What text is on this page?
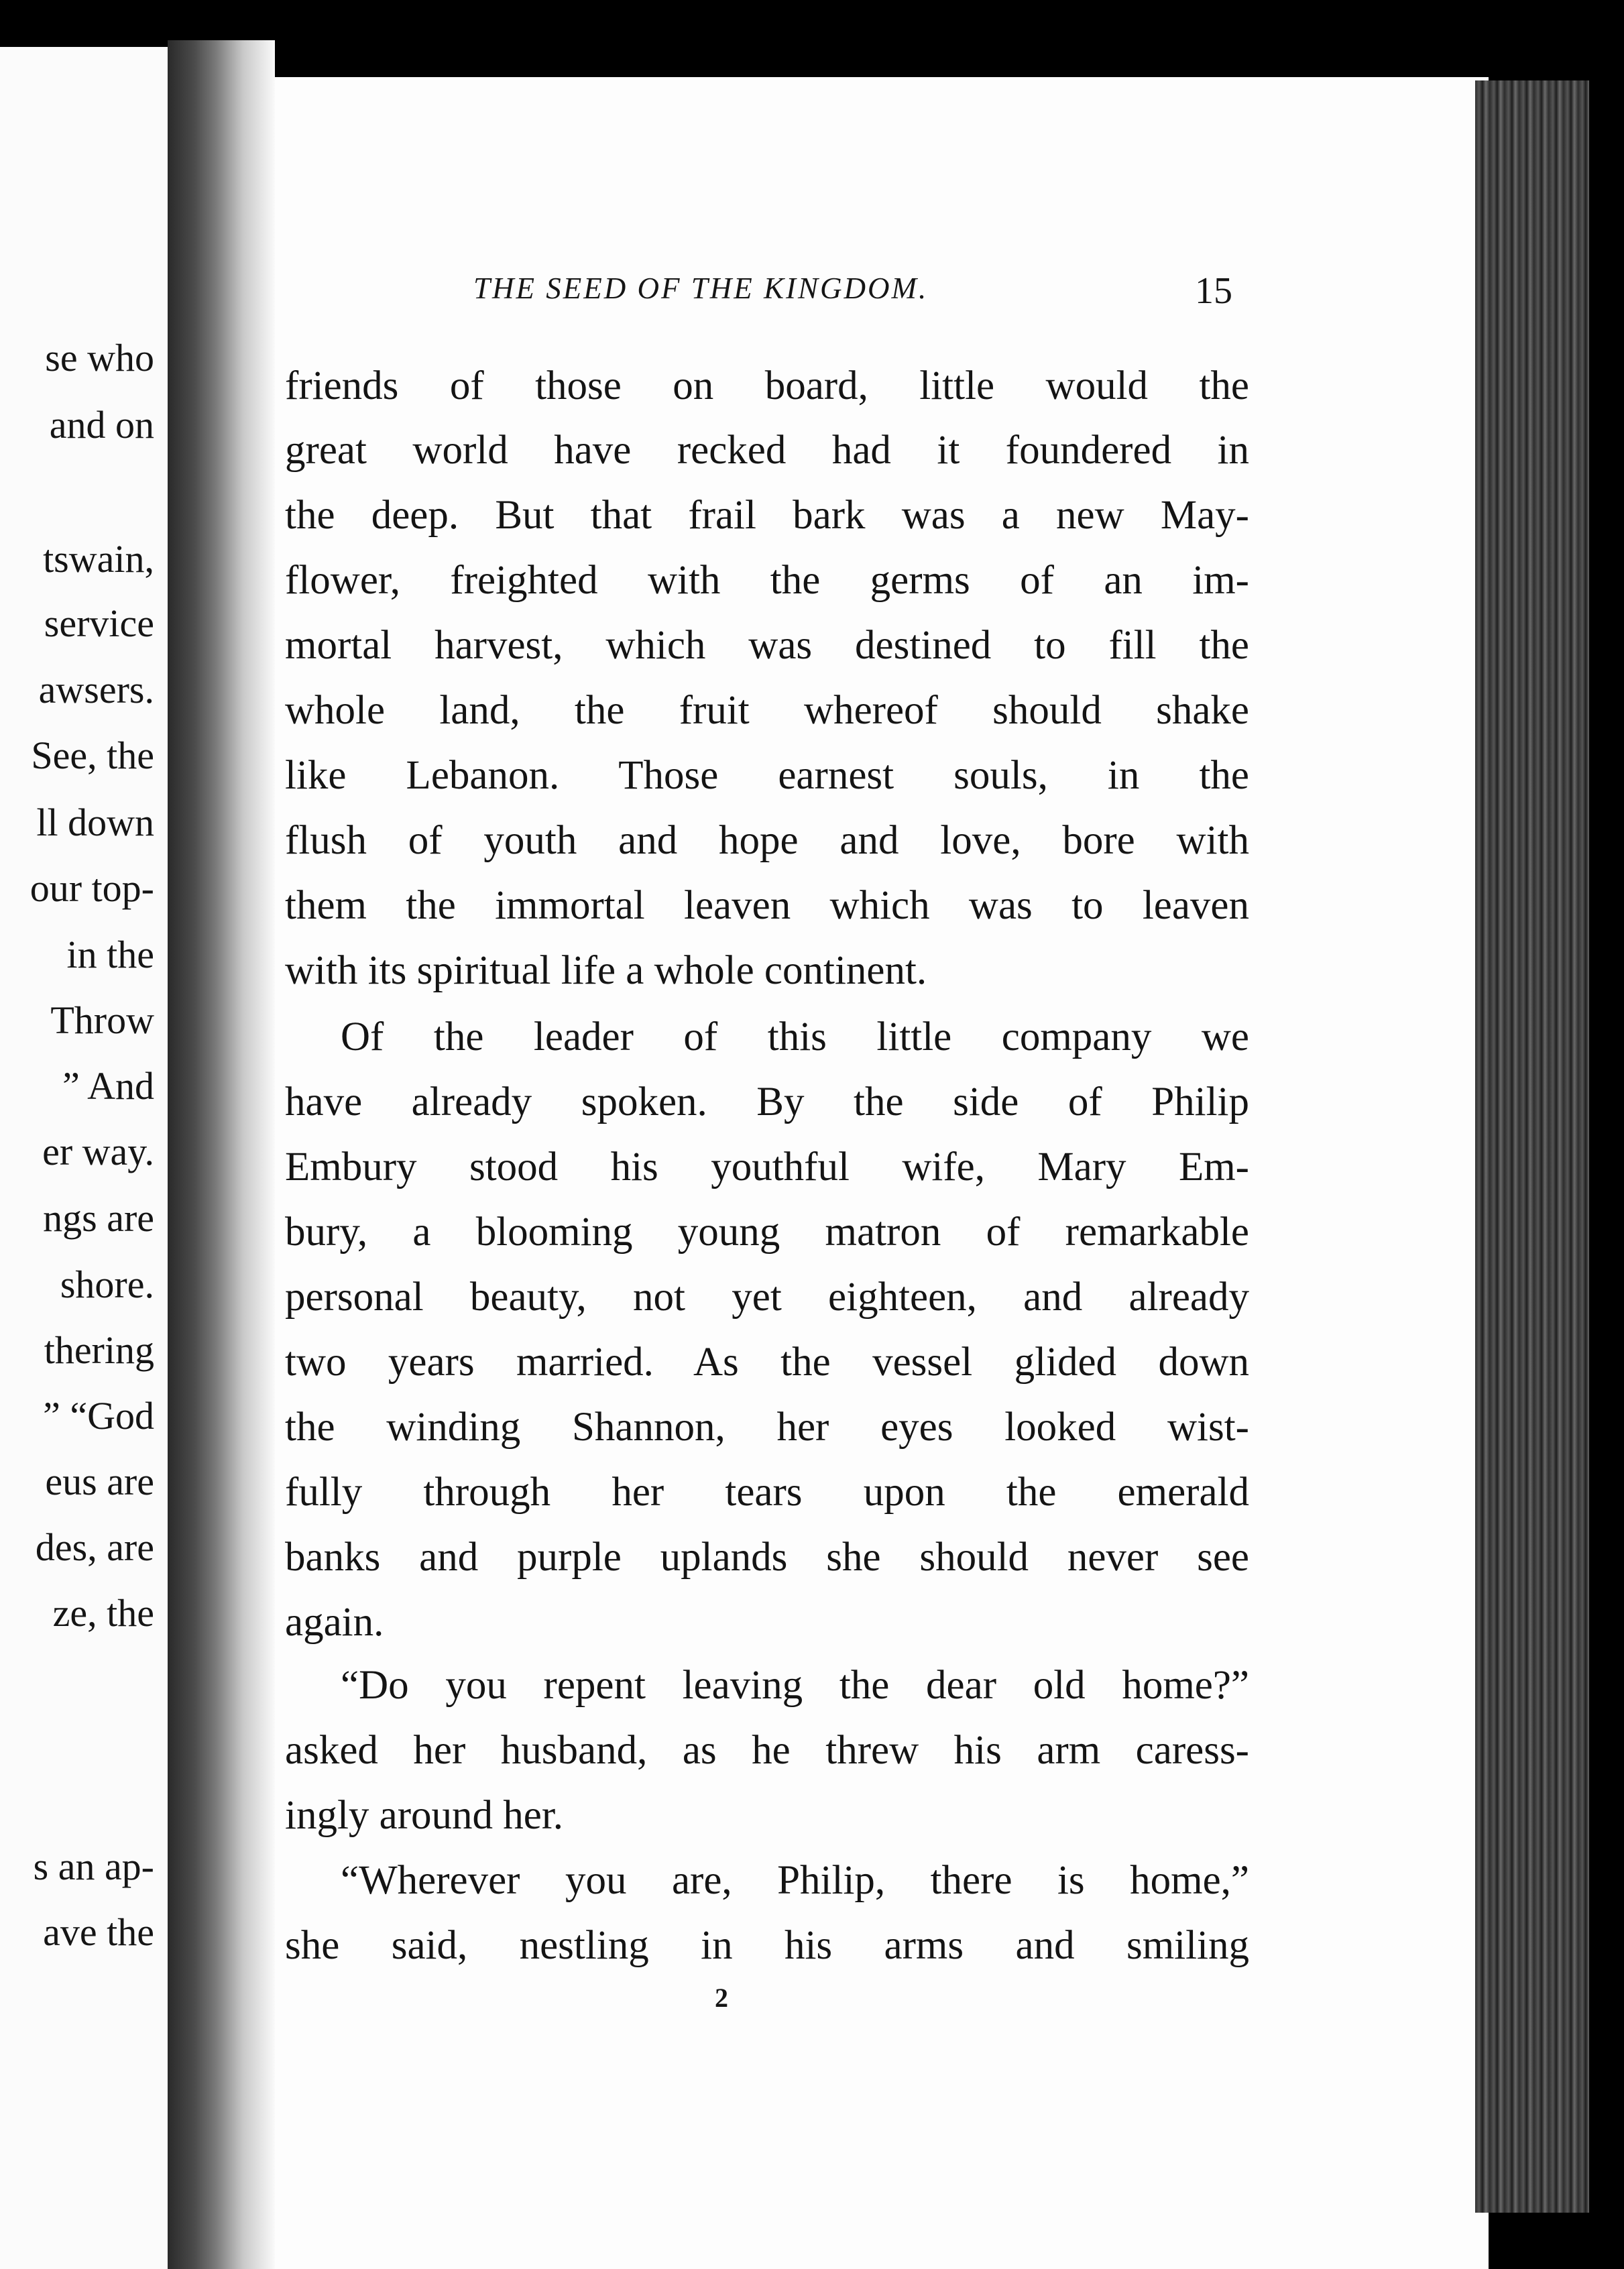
se who
and on
tswain,
service
awsers.
See, the
ll down
our top-
in the
Throw
” And
er way.
ngs are
shore.
thering
” “God
eus are
des, are
ze, the
s an ap-
ave the
THE SEED OF THE KINGDOM.	15
friends of those on board, little would the
great world have recked had it foundered in
the deep. But that frail bark was a new May-
flower, freighted with the germs of an im-
mortal harvest, which was destined to fill the
whole land, the fruit whereof should shake
like Lebanon. Those earnest souls, in the
flush of youth and hope and love, bore with
them the immortal leaven which was to leaven
with its spiritual life a whole continent.
Of the leader of this little company we
have already spoken. By the side of Philip
Embury stood his youthful wife, Mary Em-
bury, a blooming young matron of remarkable
personal beauty, not yet eighteen, and already
two years married. As the vessel glided down
the winding Shannon, her eyes looked wist-
fully through her tears upon the emerald
banks and purple uplands she should never see
again.
“Do you repent leaving the dear old home?”
asked her husband, as he threw his arm caress-
ingly around her.
“Wherever you are, Philip, there is home,”
she said, nestling in his arms and smiling
2
